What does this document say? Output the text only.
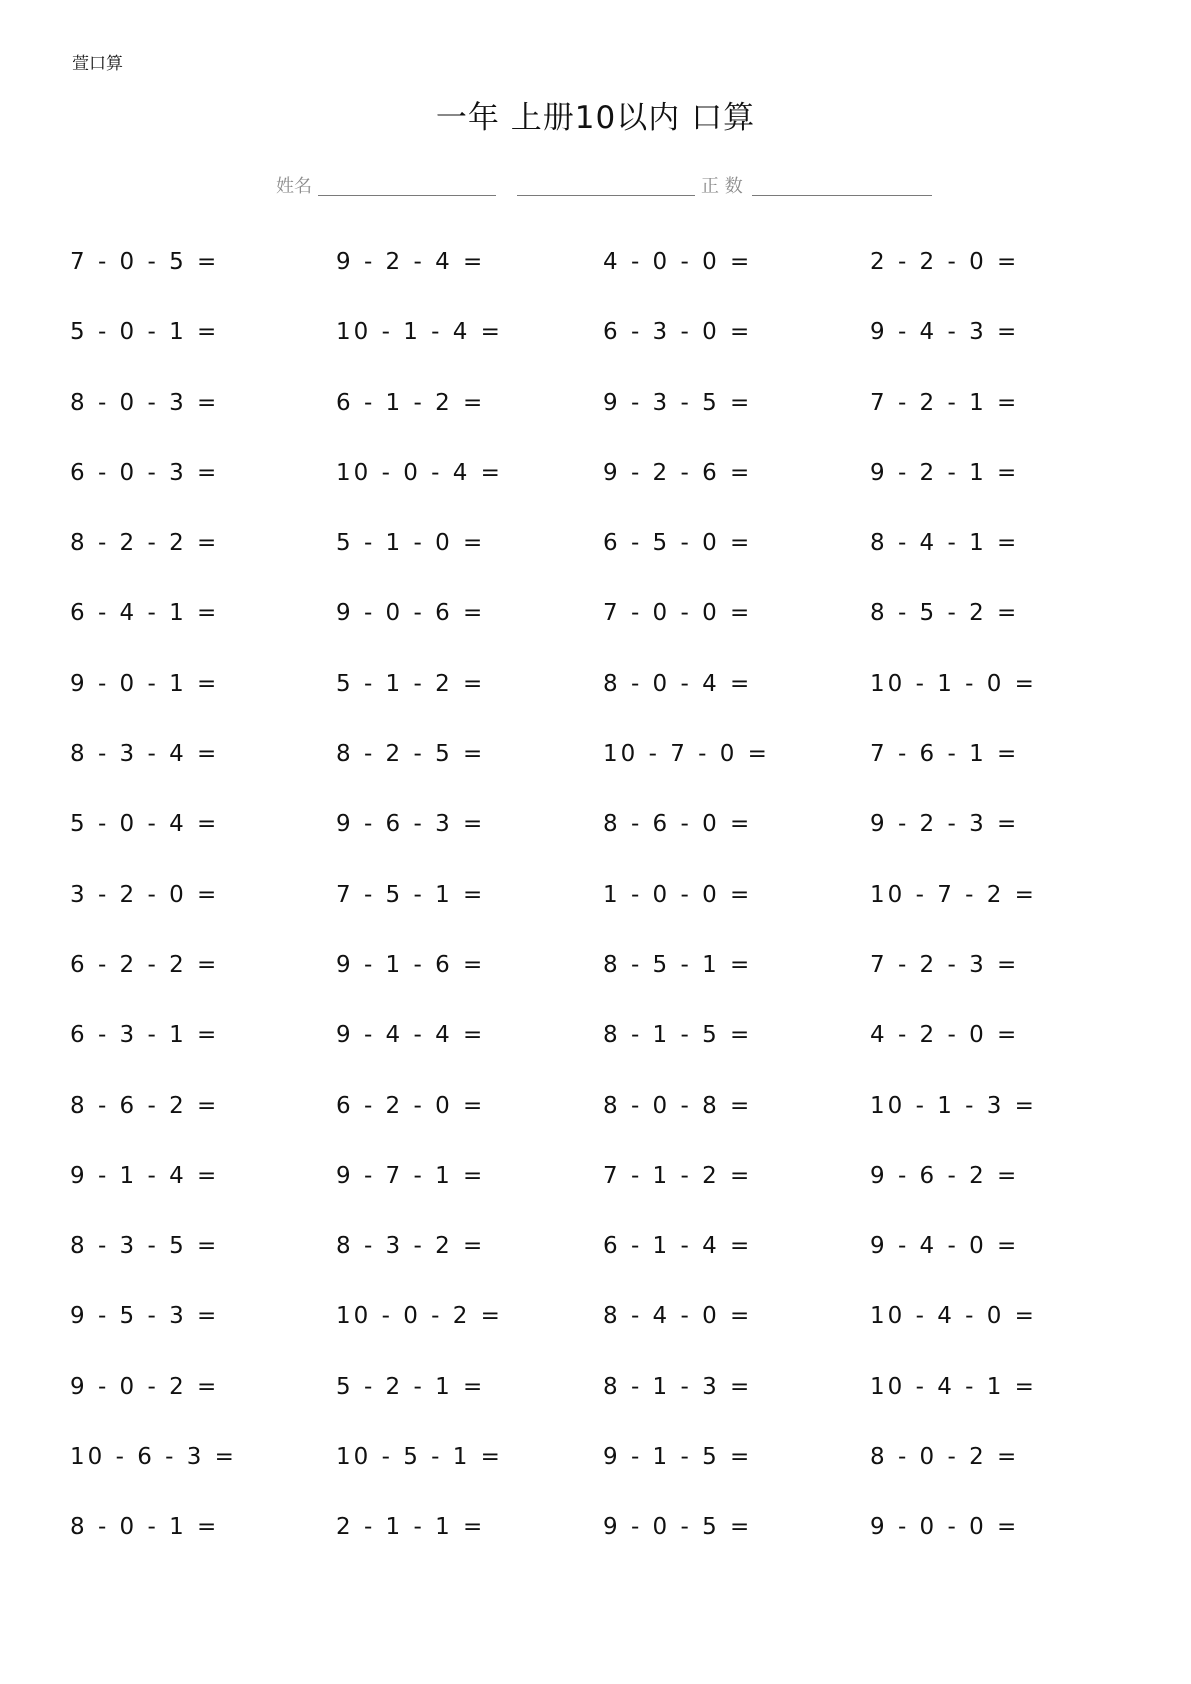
萱口算
一年 上册10以内 口算
姓名	正 数
7 - 0 - 5 =	9 - 2 - 4 =	4 - 0 - 0 =	2 - 2 - 0 =
5 - 0 - 1 =	10 - 1 - 4 =	6 - 3 - 0 =	9 - 4 - 3 =
8 - 0 - 3 =	6 - 1 - 2 =	9 - 3 - 5 =	7 - 2 - 1 =
6 - 0 - 3 =	10 - 0 - 4 =	9 - 2 - 6 =	9 - 2 - 1 =
8 - 2 - 2 =	5 - 1 - 0 =	6 - 5 - 0 =	8 - 4 - 1 =
6 - 4 - 1 =	9 - 0 - 6 =	7 - 0 - 0 =	8 - 5 - 2 =
9 - 0 - 1 =	5 - 1 - 2 =	8 - 0 - 4 =	10 - 1 - 0 =
8 - 3 - 4 =	8 - 2 - 5 =	10 - 7 - 0 =	7 - 6 - 1 =
5 - 0 - 4 =	9 - 6 - 3 =	8 - 6 - 0 =	9 - 2 - 3 =
3 - 2 - 0 =	7 - 5 - 1 =	1 - 0 - 0 =	10 - 7 - 2 =
6 - 2 - 2 =	9 - 1 - 6 =	8 - 5 - 1 =	7 - 2 - 3 =
6 - 3 - 1 =	9 - 4 - 4 =	8 - 1 - 5 =	4 - 2 - 0 =
8 - 6 - 2 =	6 - 2 - 0 =	8 - 0 - 8 =	10 - 1 - 3 =
9 - 1 - 4 =	9 - 7 - 1 =	7 - 1 - 2 =	9 - 6 - 2 =
8 - 3 - 5 =	8 - 3 - 2 =	6 - 1 - 4 =	9 - 4 - 0 =
9 - 5 - 3 =	10 - 0 - 2 =	8 - 4 - 0 =	10 - 4 - 0 =
9 - 0 - 2 =	5 - 2 - 1 =	8 - 1 - 3 =	10 - 4 - 1 =
10 - 6 - 3 =	10 - 5 - 1 =	9 - 1 - 5 =	8 - 0 - 2 =
8 - 0 - 1 =	2 - 1 - 1 =	9 - 0 - 5 =	9 - 0 - 0 =
